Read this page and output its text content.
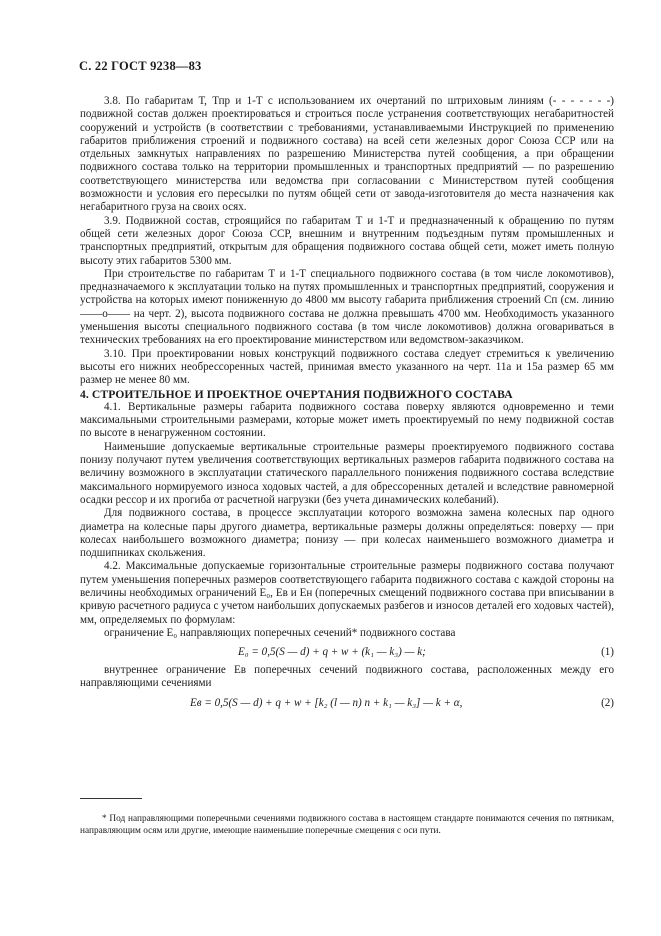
С. 22 ГОСТ 9238—83

3.8. По габаритам Т, Тпр и 1-Т с использованием их очертаний по штриховым линиям (- - - - - - -) подвижной состав должен проектироваться и строиться после устранения соответствующих негабаритностей сооружений и устройств (в соответствии с требованиями, устанавливаемыми Инструкцией по применению габаритов приближения строений и подвижного состава) на всей сети железных дорог Союза ССР или на отдельных замкнутых направлениях по разрешению Министерства путей сообщения, а при обращении подвижного состава только на территории промышленных и транспортных предприятий — по разрешению соответствующего министерства или ведомства при согласовании с Министерством путей сообщения возможности и условия его пересылки по путям общей сети от завода-изготовителя до места назначения как негабаритного груза на своих осях.

3.9. Подвижной состав, строящийся по габаритам Т и 1-Т и предназначенный к обращению по путям общей сети железных дорог Союза ССР, внешним и внутренним подъездным путям промышленных и транспортных предприятий, открытым для обращения подвижного состава общей сети, может иметь полную высоту этих габаритов 5300 мм.

При строительстве по габаритам Т и 1-Т специального подвижного состава (в том числе локомотивов), предназначаемого к эксплуатации только на путях промышленных и транспортных предприятий, сооружения и устройства на которых имеют пониженную до 4800 мм высоту габарита приближения строений Сп (см. линию ——о—— на черт. 2), высота подвижного состава не должна превышать 4700 мм. Необходимость указанного уменьшения высоты специального подвижного состава (в том числе локомотивов) должна оговариваться в технических требованиях на его проектирование министерством или ведомством-заказчиком.

3.10. При проектировании новых конструкций подвижного состава следует стремиться к увеличению высоты его нижних необрессоренных частей, принимая вместо указанного на черт. 11а и 15а размер 65 мм размер не менее 80 мм.

4. СТРОИТЕЛЬНОЕ И ПРОЕКТНОЕ ОЧЕРТАНИЯ ПОДВИЖНОГО СОСТАВА

4.1. Вертикальные размеры габарита подвижного состава поверху являются одновременно и теми максимальными строительными размерами, которые может иметь проектируемый по нему подвижной состав по высоте в ненагруженном состоянии.

Наименьшие допускаемые вертикальные строительные размеры проектируемого подвижного состава понизу получают путем увеличения соответствующих вертикальных размеров габарита подвижного состава на величину возможного в эксплуатации статического параллельного понижения подвижного состава вследствие максимального нормируемого износа ходовых частей, а для обрессоренных деталей и вследствие равномерной осадки рессор и их прогиба от расчетной нагрузки (без учета динамических колебаний).

Для подвижного состава, в процессе эксплуатации которого возможна замена колесных пар одного диаметра на колесные пары другого диаметра, вертикальные размеры должны определяться: поверху — при колесах наибольшего возможного диаметра; понизу — при колесах наименьшего возможного диаметра и подшипниках скольжения.

4.2. Максимальные допускаемые горизонтальные строительные размеры подвижного состава получают путем уменьшения поперечных размеров соответствующего габарита подвижного состава с каждой стороны на величины необходимых ограничений E₀, Eв и Eн (поперечных смещений подвижного состава при вписывании в кривую расчетного радиуса с учетом наибольших допускаемых разбегов и износов деталей его ходовых частей), мм, определяемых по формулам:

ограничение E₀ направляющих поперечных сечений* подвижного состава

E₀ = 0,5(S — d) + q + w + (k₁ — k₃) — k;	(1)

внутреннее ограничение Eв поперечных сечений подвижного состава, расположенных между его направляющими сечениями

Eв = 0,5(S — d) + q + w + [k₂ (l — n) n + k₁ — k₃] — k + α,	(2)

* Под направляющими поперечными сечениями подвижного состава в настоящем стандарте понимаются сечения по пятникам, направляющим осям или другие, имеющие наименьшие поперечные смещения с оси пути.
